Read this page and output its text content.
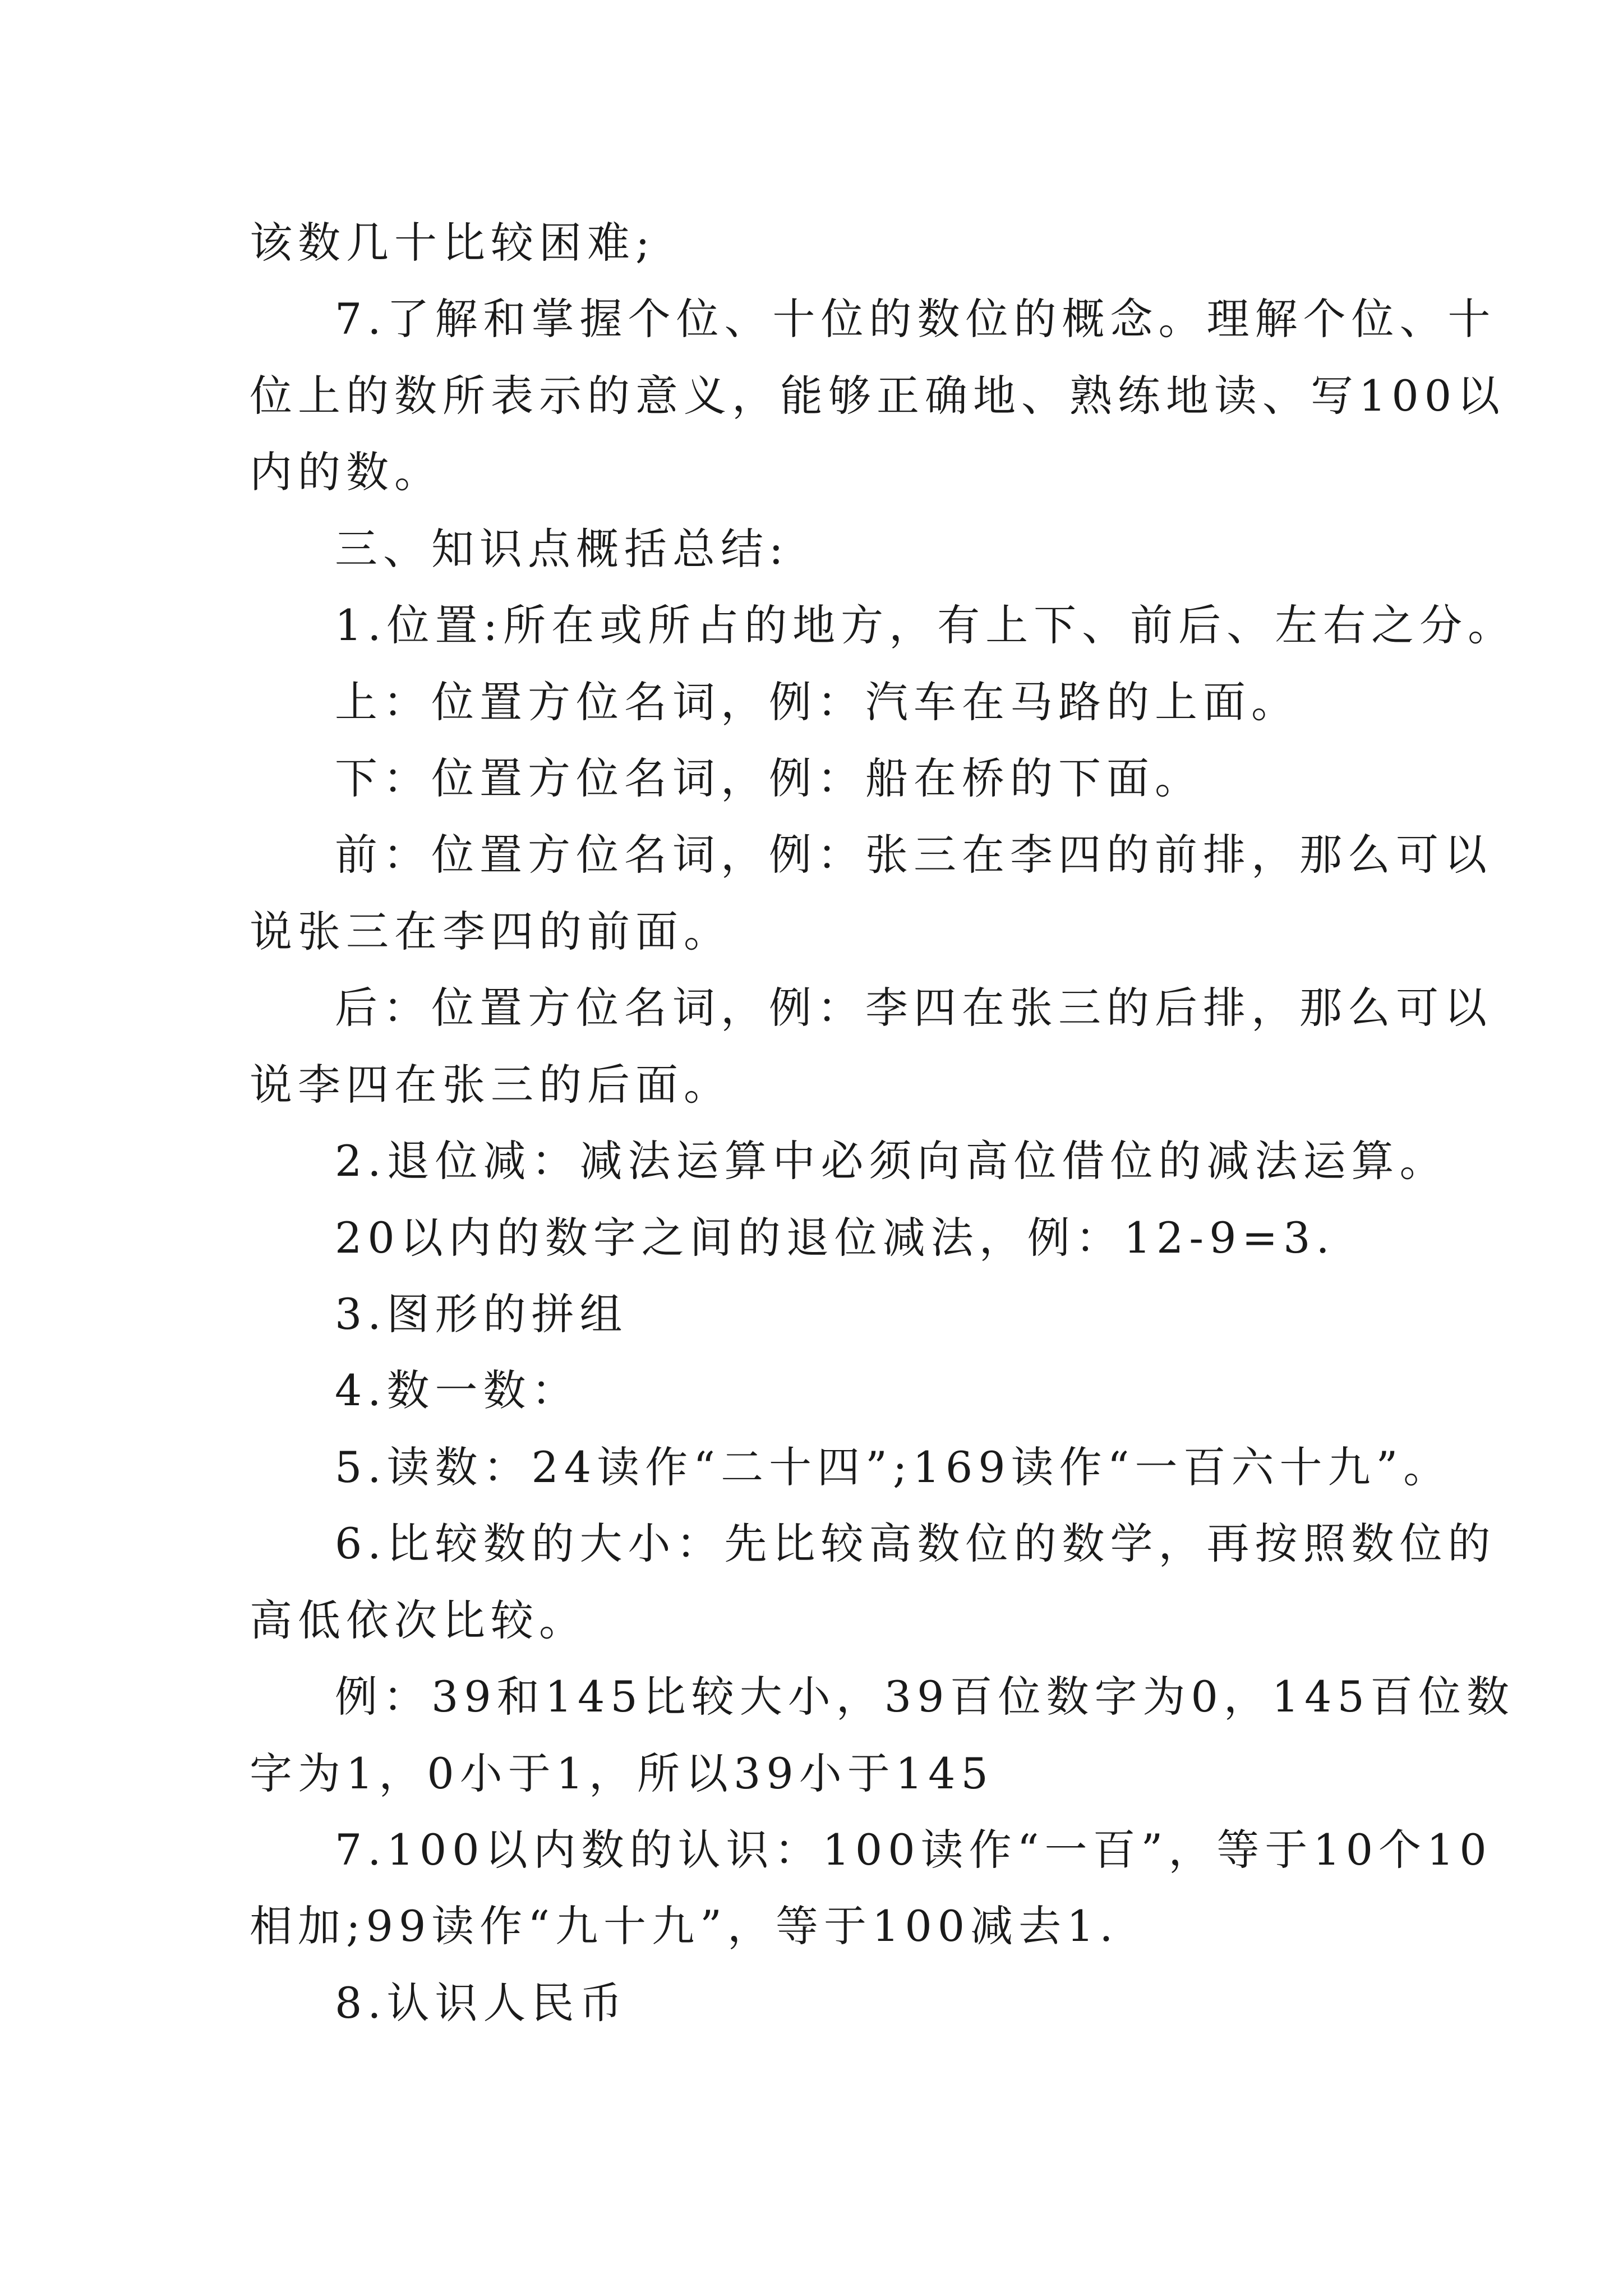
该数几十比较困难;

7.了解和掌握个位、十位的数位的概念。理解个位、十

位上的数所表示的意义，能够正确地、熟练地读、写100以

内的数。

三、知识点概括总结:

1.位置:所在或所占的地方，有上下、前后、左右之分。

上：位置方位名词，例：汽车在马路的上面。

下：位置方位名词，例：船在桥的下面。

前：位置方位名词，例：张三在李四的前排，那么可以

说张三在李四的前面。

后：位置方位名词，例：李四在张三的后排，那么可以

说李四在张三的后面。

2.退位减：减法运算中必须向高位借位的减法运算。

20以内的数字之间的退位减法，例：12-9=3.

3.图形的拼组

4.数一数：

5.读数：24读作“二十四”;169读作“一百六十九”。

6.比较数的大小：先比较高数位的数学，再按照数位的

高低依次比较。

例：39和145比较大小，39百位数字为0，145百位数

字为1，0小于1，所以39小于145

7.100以内数的认识：100读作“一百”，等于10个10

相加;99读作“九十九”，等于100减去1.

8.认识人民币
